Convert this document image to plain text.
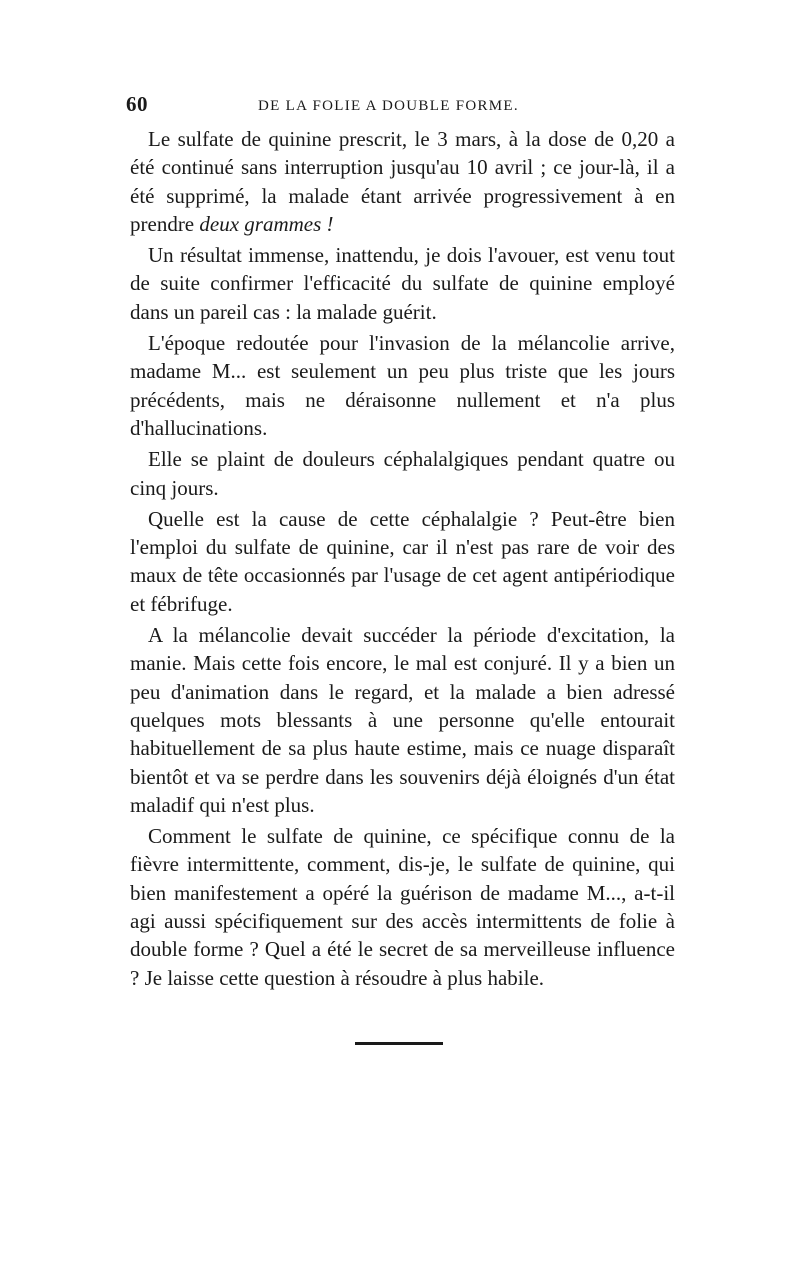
60	DE LA FOLIE A DOUBLE FORME.

Le sulfate de quinine prescrit, le 3 mars, à la dose de 0,20 a été continué sans interruption jusqu'au 10 avril ; ce jour-là, il a été supprimé, la malade étant arrivée progressivement à en prendre deux grammes !

Un résultat immense, inattendu, je dois l'avouer, est venu tout de suite confirmer l'efficacité du sulfate de quinine employé dans un pareil cas : la malade guérit.

L'époque redoutée pour l'invasion de la mélancolie arrive, madame M... est seulement un peu plus triste que les jours précédents, mais ne déraisonne nullement et n'a plus d'hallucinations.

Elle se plaint de douleurs céphalalgiques pendant quatre ou cinq jours.

Quelle est la cause de cette céphalalgie ? Peut-être bien l'emploi du sulfate de quinine, car il n'est pas rare de voir des maux de tête occasionnés par l'usage de cet agent antipériodique et fébrifuge.

A la mélancolie devait succéder la période d'excitation, la manie. Mais cette fois encore, le mal est conjuré. Il y a bien un peu d'animation dans le regard, et la malade a bien adressé quelques mots blessants à une personne qu'elle entourait habituellement de sa plus haute estime, mais ce nuage disparaît bientôt et va se perdre dans les souvenirs déjà éloignés d'un état maladif qui n'est plus.

Comment le sulfate de quinine, ce spécifique connu de la fièvre intermittente, comment, dis-je, le sulfate de quinine, qui bien manifestement a opéré la guérison de madame M..., a-t-il agi aussi spécifiquement sur des accès intermittents de folie à double forme ? Quel a été le secret de sa merveilleuse influence ? Je laisse cette question à résoudre à plus habile.
